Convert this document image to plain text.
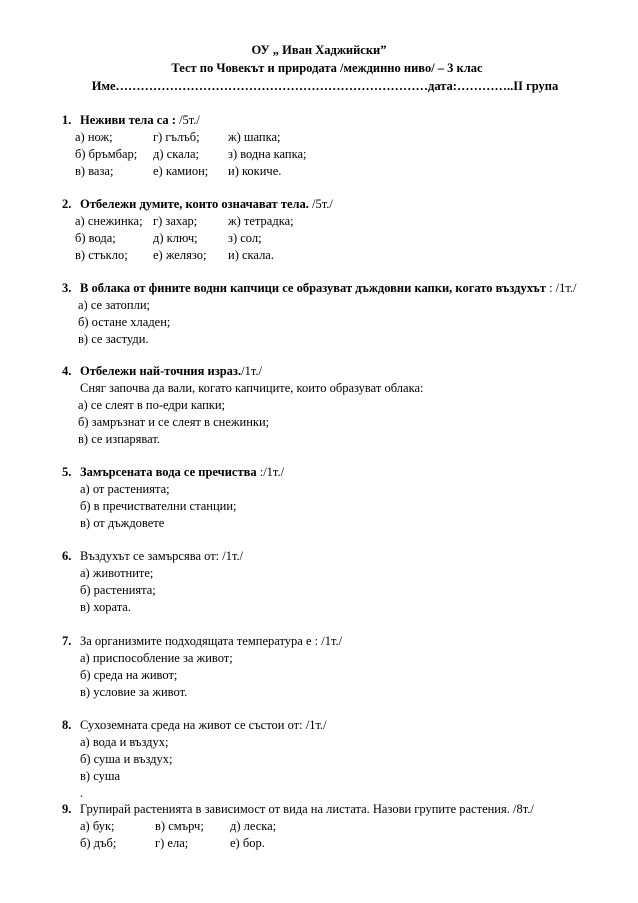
ОУ „ Иван Хаджийски”
Тест по Човекът и природата /междинно ниво/ – 3 клас
Име…………………………………………………………………дата:…………..II група
1. Неживи тела са : /5т./
а) нож;	г) гълъб; ж) шапка;
б) бръмбар; д) скала; з) водна капка;
в) ваза;	е) камион; и) кокиче.
2. Отбележи думите, които означават тела. /5т./
а) снежинка; г) захар; ж) тетрадка;
б) вода;	д) ключ; з) сол;
в) стъкло; е) желязо; и) скала.
3. В облака от фините водни капчици се образуват дъждовни капки, когато въздухът : /1т./
а) се затопли;
б) остане хладен;
в) се застуди.
4. Отбележи най-точния израз./1т./
Сняг започва да вали, когато капчиците, които образуват облака:
а) се слеят в по-едри капки;
б) замръзнат и се слеят в снежинки;
в) се изпаряват.
5. Замърсената вода се пречиства :/1т./
а) от растенията;
б) в пречиствателни станции;
в) от дъждовете
6. Въздухът се замърсява от: /1т./
а) животните;
б) растенията;
в) хората.
7. За организмите подходящата температура е : /1т./
а) приспособление за живот;
б) среда на живот;
в) условие за живот.
8. Сухоземната среда на живот се състои от: /1т./
а) вода и въздух;
б) суша и въздух;
в) суша
.
9. Групирай растенията в зависимост от вида на листата. Назови групите растения. /8т./
а) бук;	в) смърч; д) леска;
б) дъб;	г) ела;	е) бор.
